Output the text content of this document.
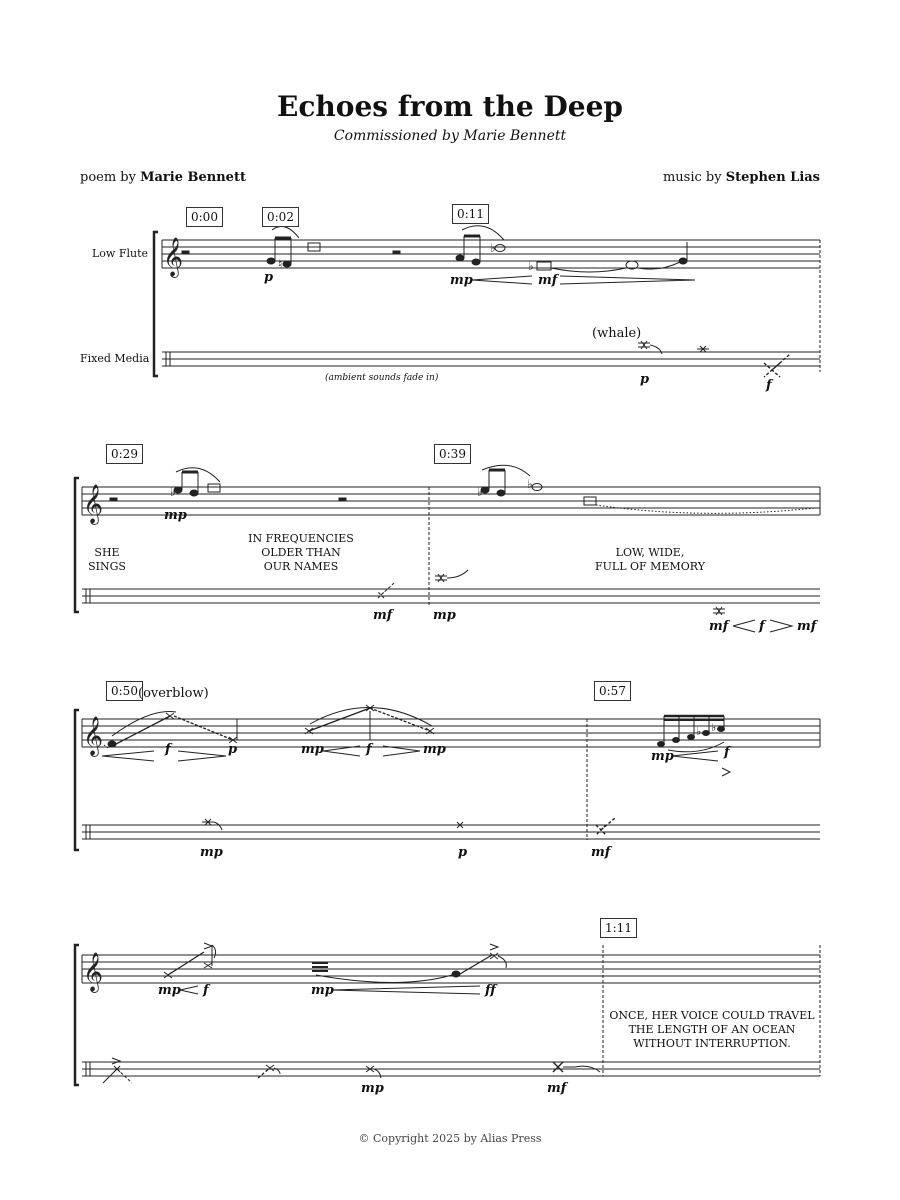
Echoes from the Deep
Commissioned by Marie Bennett
poem by Marie Bennett	music by Stephen Lias
𝄞
𝄞
𝄞
𝄞
♮
♭
♭
♭	♭
♭
♭ ♭
Low Flute
Fixed Media
0:00	0:02	0:11
0:29	0:39
0:50	0:57
1:11
(whale)
(ambient sounds fade in)
(overblow)
SHE
SINGS
IN FREQUENCIES
OLDER THAN
OUR NAMES
LOW, WIDE,
FULL OF MEMORY
ONCE, HER VOICE COULD TRAVEL
THE LENGTH OF AN OCEAN
WITHOUT INTERRUPTION.
p	mp	mf
p	f
mp
mf	mp
mf f mf
f	p	mp	f	mp	mp	f
mp	p	mf
mp f	mp	ff
mp	mf
© Copyright 2025 by Alias Press
